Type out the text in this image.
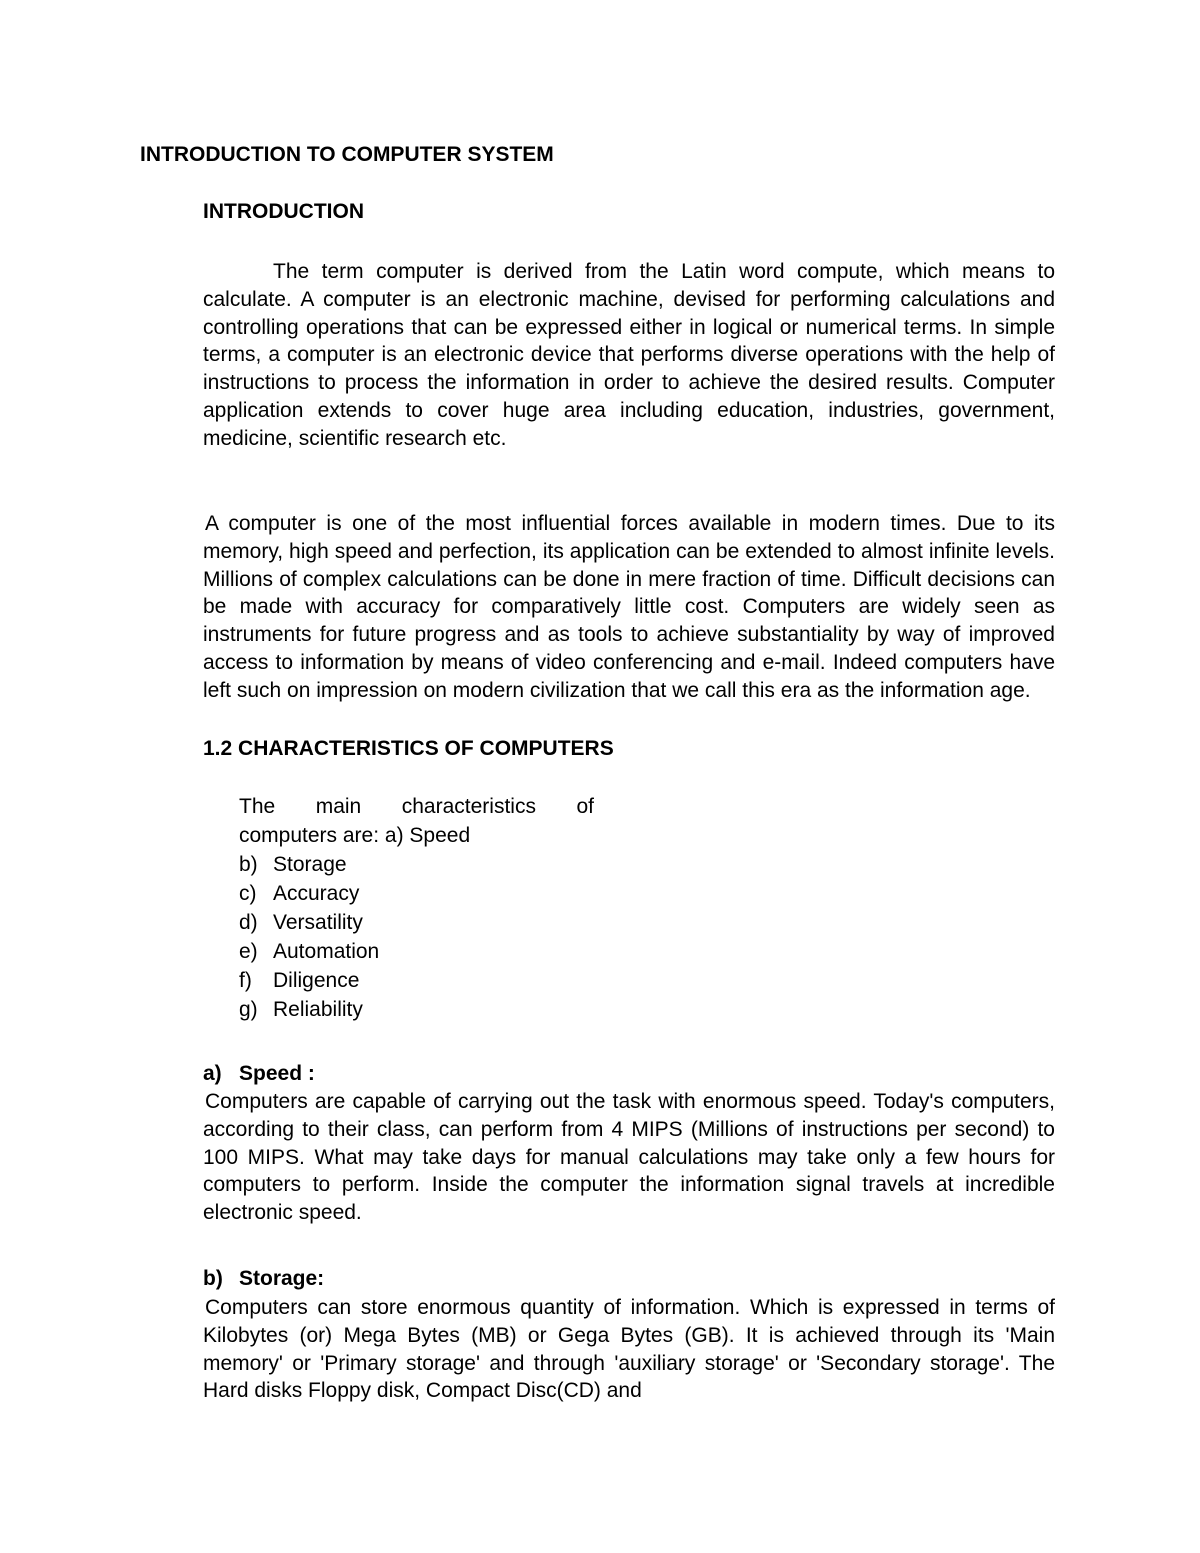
INTRODUCTION TO COMPUTER SYSTEM
INTRODUCTION

The term computer is derived from the Latin word compute, which means to calculate. A computer is an electronic machine, devised for performing calculations and controlling operations that can be expressed either in logical or numerical terms. In simple terms, a computer is an electronic device that performs diverse operations with the help of instructions to process the information in order to achieve the desired results. Computer application extends to cover huge area including education, industries, government, medicine, scientific research etc.

A computer is one of the most influential forces available in modern times. Due to its memory, high speed and perfection, its application can be extended to almost infinite levels. Millions of complex calculations can be done in mere fraction of time. Difficult decisions can be made with accuracy for comparatively little cost. Computers are widely seen as instruments for future progress and as tools to achieve substantiality by way of improved access to information by means of video conferencing and e-mail. Indeed computers have left such on impression on modern civilization that we call this era as the information age.

1.2 CHARACTERISTICS OF COMPUTERS
The main characteristics of
computers are: a) Speed
b) Storage
c) Accuracy
d) Versatility
e) Automation
f)	Diligence
g) Reliability
a) Speed :

Computers are capable of carrying out the task with enormous speed. Today's computers, according to their class, can perform from 4 MIPS (Millions of instructions per second) to 100 MIPS. What may take days for manual calculations may take only a few hours for computers to perform. Inside the computer the information signal travels at incredible electronic speed.

b) Storage:

Computers can store enormous quantity of information. Which is expressed in terms of Kilobytes (or) Mega Bytes (MB) or Gega Bytes (GB). It is achieved through its 'Main memory' or 'Primary storage' and through 'auxiliary storage' or 'Secondary storage'. The Hard disks Floppy disk, Compact Disc(CD) and
